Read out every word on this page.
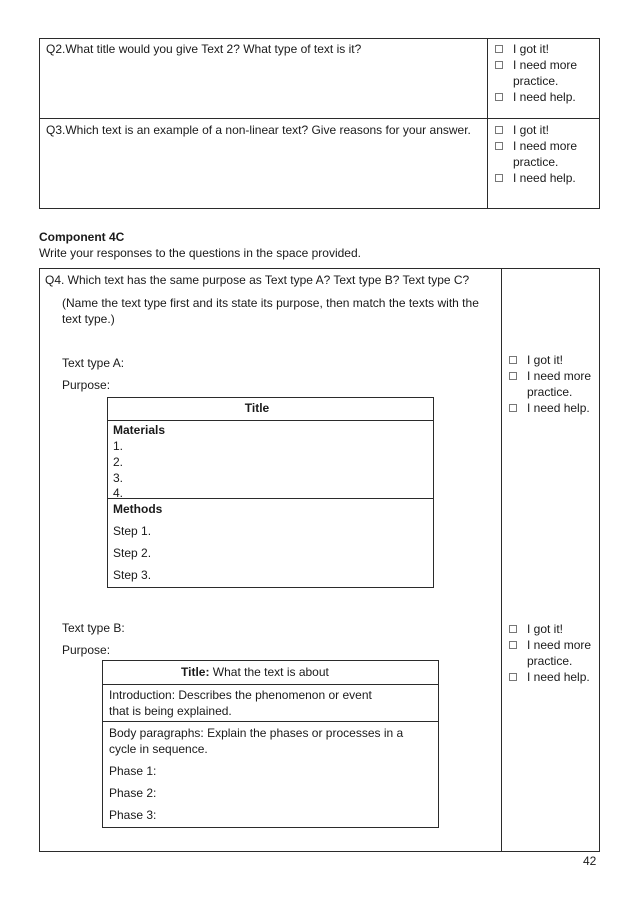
Q2.What title would you give Text 2? What type of text is it?	I got it!
I need more
practice.
I need help.
Q3.Which text is an example of a non-linear text? Give reasons for your answer.	I got it!
I need more
practice.
I need help.
Component 4C
Write your responses to the questions in the space provided.
Q4. Which text has the same purpose as Text type A? Text type B? Text type C?
(Name the text type first and its state its purpose, then match the texts with the
text type.)
Text type A:
Purpose:
Title
Materials
1.
2.
3.
4.
Methods
Step 1.
Step 2.
Step 3.
I got it!
I need more
practice.
I need help.
Text type B:
Purpose:
Title: What the text is about
Introduction: Describes the phenomenon or event
that is being explained.
Body paragraphs: Explain the phases or processes in a
cycle in sequence.
Phase 1:
Phase 2:
Phase 3:
I got it!
I need more
practice.
I need help.
42
